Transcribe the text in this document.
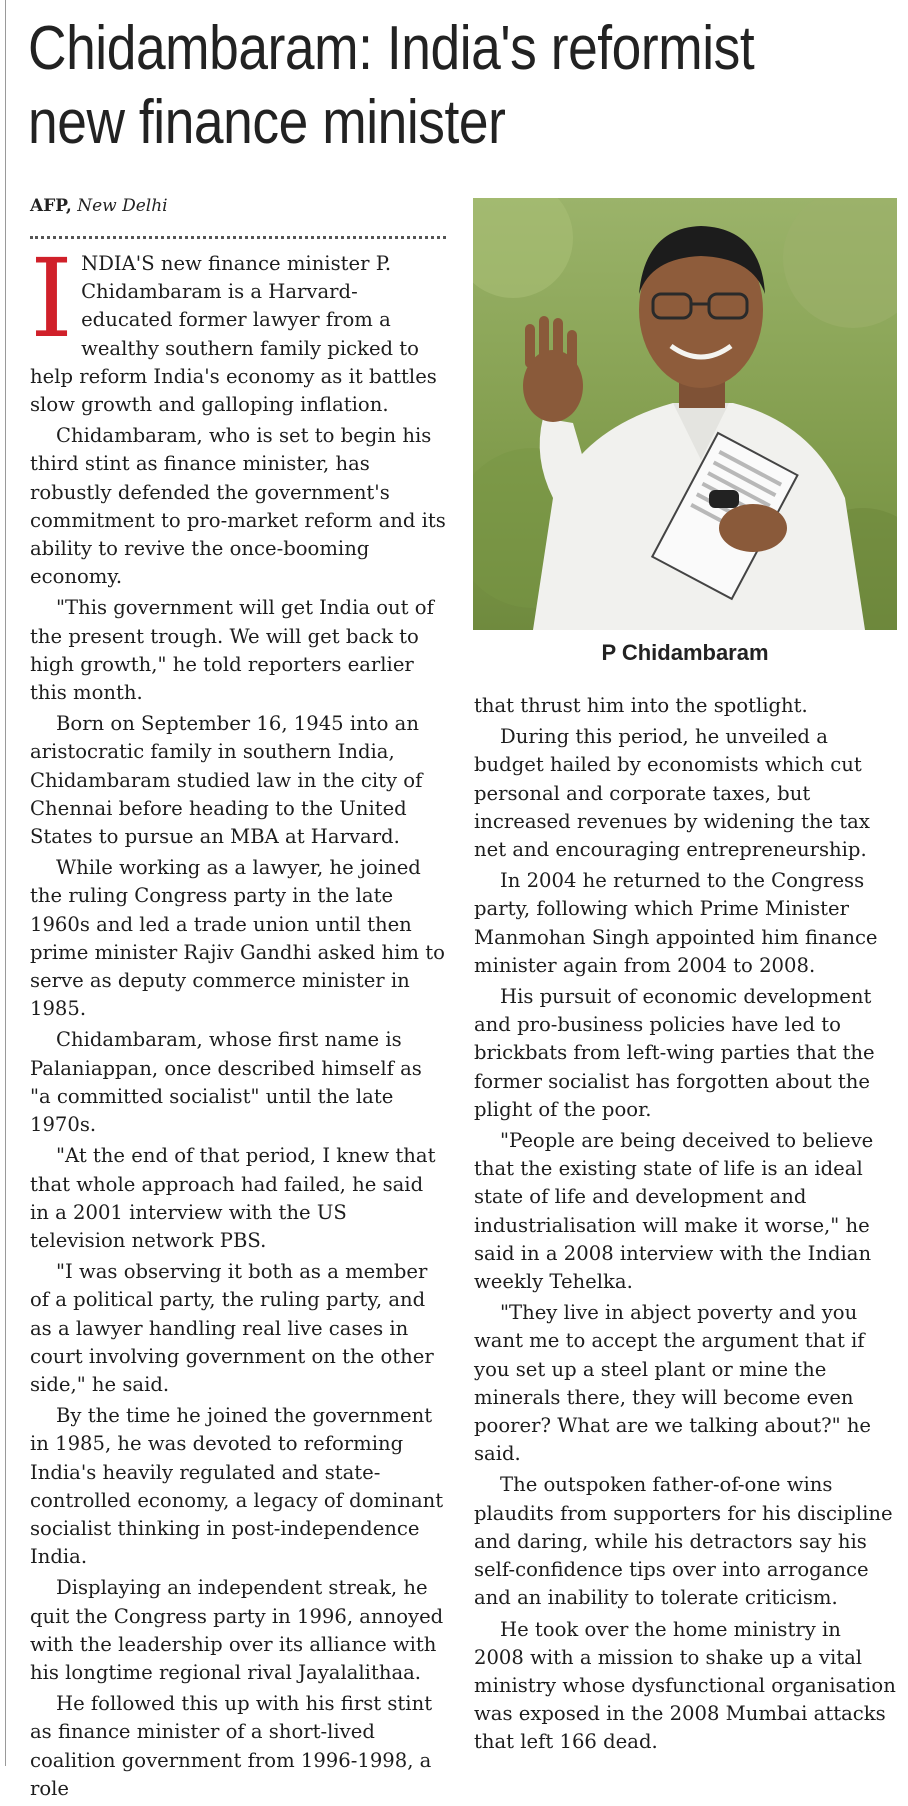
Chidambaram: India's reformist
new finance minister
AFP, New Delhi

INDIA'S new finance minister P. Chidambaram is a Harvard-educated former lawyer from a wealthy southern family picked to help reform India's economy as it battles slow growth and galloping inflation.

Chidambaram, who is set to begin his third stint as finance minister, has robustly defended the government's commitment to pro-market reform and its ability to revive the once-booming economy.

"This government will get India out of the present trough. We will get back to high growth," he told reporters earlier this month.

Born on September 16, 1945 into an aristocratic family in southern India, Chidambaram studied law in the city of Chennai before heading to the United States to pursue an MBA at Harvard.

While working as a lawyer, he joined the ruling Congress party in the late 1960s and led a trade union until then prime minister Rajiv Gandhi asked him to serve as deputy commerce minister in 1985.

Chidambaram, whose first name is Palaniappan, once described himself as "a committed socialist" until the late 1970s.

"At the end of that period, I knew that that whole approach had failed, he said in a 2001 interview with the US television network PBS.

"I was observing it both as a member of a political party, the ruling party, and as a lawyer handling real live cases in court involving government on the other side," he said.

By the time he joined the government in 1985, he was devoted to reforming India's heavily regulated and state-controlled economy, a legacy of dominant socialist thinking in post-independence India.

Displaying an independent streak, he quit the Congress party in 1996, annoyed with the leadership over its alliance with his longtime regional rival Jayalalithaa.

He followed this up with his first stint as finance minister of a short-lived coalition government from 1996-1998, a role

P Chidambaram

that thrust him into the spotlight.

During this period, he unveiled a budget hailed by economists which cut personal and corporate taxes, but increased revenues by widening the tax net and encouraging entrepreneurship.

In 2004 he returned to the Congress party, following which Prime Minister Manmohan Singh appointed him finance minister again from 2004 to 2008.

His pursuit of economic development and pro-business policies have led to brickbats from left-wing parties that the former socialist has forgotten about the plight of the poor.

"People are being deceived to believe that the existing state of life is an ideal state of life and development and industrialisation will make it worse," he said in a 2008 interview with the Indian weekly Tehelka.

"They live in abject poverty and you want me to accept the argument that if you set up a steel plant or mine the minerals there, they will become even poorer? What are we talking about?" he said.

The outspoken father-of-one wins plaudits from supporters for his discipline and daring, while his detractors say his self-confidence tips over into arrogance and an inability to tolerate criticism.

He took over the home ministry in 2008 with a mission to shake up a vital ministry whose dysfunctional organisation was exposed in the 2008 Mumbai attacks that left 166 dead.
